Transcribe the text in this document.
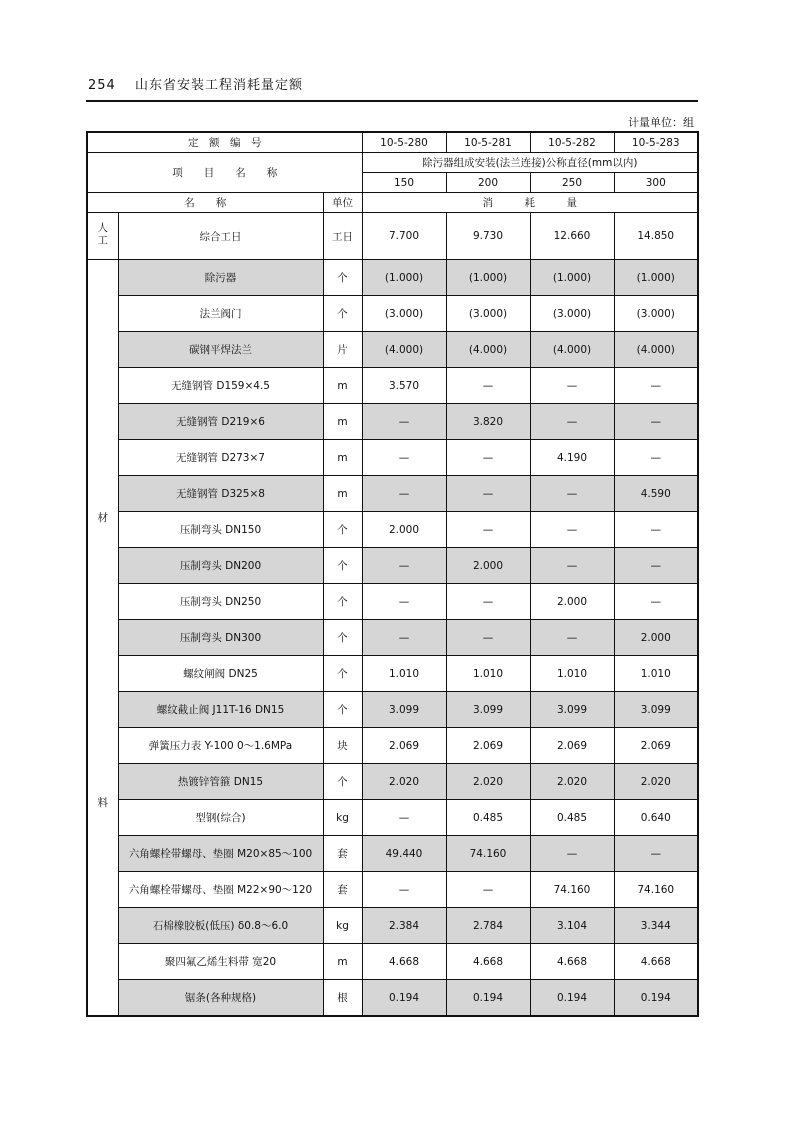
254 山东省安装工程消耗量定额
计量单位：组
定　额　编　号			10-5-280	10-5-281	10-5-282	10-5-283
项　　目　　名　　称			除污器组成安装(法兰连接)公称直径(mm以内)			
			150	200	250	300
名　　称		单位	消　　　耗　　　量			
人工	综合工日	工日	7.700	9.730	12.660	14.850

材
料	除污器	个	(1.000)	(1.000)	(1.000)	(1.000)
	法兰阀门	个	(3.000)	(3.000)	(3.000)	(3.000)
	碳钢平焊法兰	片	(4.000)	(4.000)	(4.000)	(4.000)
	无缝钢管 D159×4.5	m	3.570	—	—	—
	无缝钢管 D219×6	m	—	3.820	—	—
	无缝钢管 D273×7	m	—	—	4.190	—
	无缝钢管 D325×8	m	—	—	—	4.590
	压制弯头 DN150	个	2.000	—	—	—
	压制弯头 DN200	个	—	2.000	—	—
	压制弯头 DN250	个	—	—	2.000	—
	压制弯头 DN300	个	—	—	—	2.000
	螺纹闸阀 DN25	个	1.010	1.010	1.010	1.010
	螺纹截止阀 J11T-16 DN15	个	3.099	3.099	3.099	3.099
	弹簧压力表 Y-100 0～1.6MPa	块	2.069	2.069	2.069	2.069
	热镀锌管箍 DN15	个	2.020	2.020	2.020	2.020
	型钢(综合)	kg	—	0.485	0.485	0.640
	六角螺栓带螺母、垫圈 M20×85～100	套	49.440	74.160	—	—
	六角螺栓带螺母、垫圈 M22×90～120	套	—	—	74.160	74.160
	石棉橡胶板(低压) δ0.8～6.0	kg	2.384	2.784	3.104	3.344
	聚四氟乙烯生料带 宽20	m	4.668	4.668	4.668	4.668
	锯条(各种规格)	根	0.194	0.194	0.194	0.194
